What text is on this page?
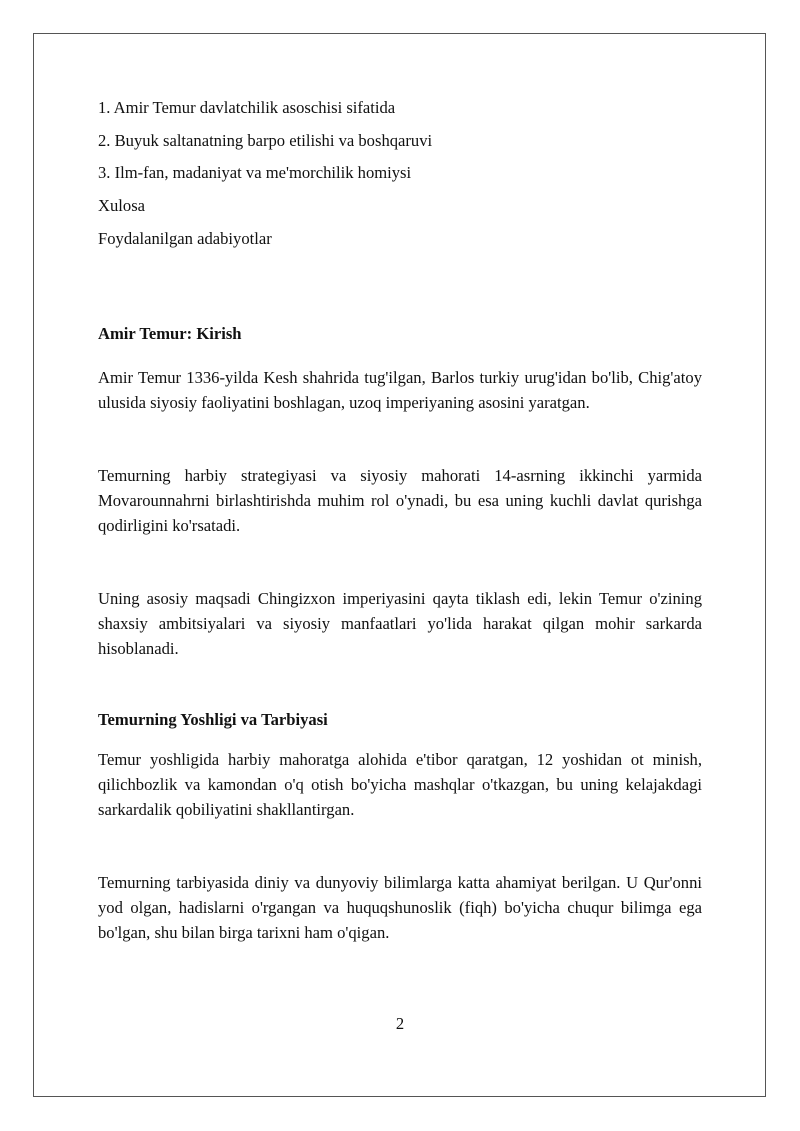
1. Amir Temur davlatchilik asoschisi sifatida
2. Buyuk saltanatning barpo etilishi va boshqaruvi
3. Ilm-fan, madaniyat va me'morchilik homiysi
Xulosa
Foydalanilgan adabiyotlar
Amir Temur: Kirish

Amir Temur 1336-yilda Kesh shahrida tug'ilgan, Barlos turkiy urug'idan bo'lib, Chig'atoy ulusida siyosiy faoliyatini boshlagan, uzoq imperiyaning asosini yaratgan.

Temurning harbiy strategiyasi va siyosiy mahorati 14-asrning ikkinchi yarmida Movarounnahrni birlashtirishda muhim rol o'ynadi, bu esa uning kuchli davlat qurishga qodirligini ko'rsatadi.

Uning asosiy maqsadi Chingizxon imperiyasini qayta tiklash edi, lekin Temur o'zining shaxsiy ambitsiyalari va siyosiy manfaatlari yo'lida harakat qilgan mohir sarkarda hisoblanadi.

Temurning Yoshligi va Tarbiyasi

Temur yoshligida harbiy mahoratga alohida e'tibor qaratgan, 12 yoshidan ot minish, qilichbozlik va kamondan o'q otish bo'yicha mashqlar o'tkazgan, bu uning kelajakdagi sarkardalik qobiliyatini shakllantirgan.

Temurning tarbiyasida diniy va dunyoviy bilimlarga katta ahamiyat berilgan. U Qur'onni yod olgan, hadislarni o'rgangan va huquqshunoslik (fiqh) bo'yicha chuqur bilimga ega bo'lgan, shu bilan birga tarixni ham o'qigan.

2
